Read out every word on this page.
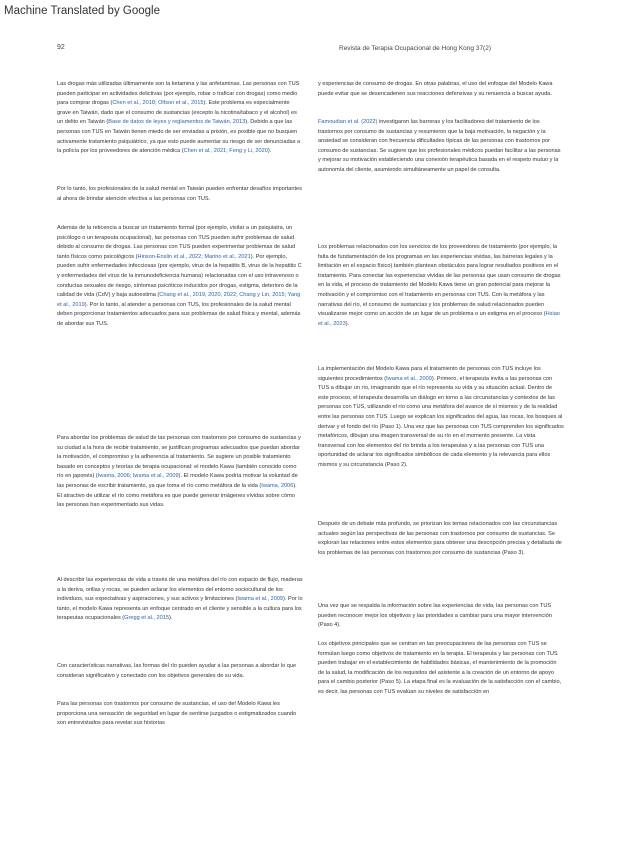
Machine Translated by Google
92	Revista de Terapia Ocupacional de Hong Kong 37(2)

Las drogas más utilizadas últimamente son la ketamina y las anfetaminas. Las personas con TUS pueden participar en actividades delictivas (por ejemplo, robar o traficar con drogas) como medio para comprar drogas (Chen et al., 2018; Olfson et al., 2015). Este problema es especialmente grave en Taiwán, dado que el consumo de sustancias (excepto la nicotina/tabaco y el alcohol) es un delito en Taiwán (Base de datos de leyes y reglamentos de Taiwán, 2013). Debido a que las personas con TUS en Taiwán tienen miedo de ser enviadas a prisión, es posible que no busquen activamente tratamiento psiquiátrico, ya que esto puede aumentar su riesgo de ser denunciadas a la policía por los proveedores de atención médica (Chen et al., 2021; Feng y Li, 2020).

Por lo tanto, los profesionales de la salud mental en Taiwán pueden enfrentar desafíos importantes al ahora de brindar atención efectiva a las personas con TUS.

Además de la reticencia a buscar un tratamiento formal (por ejemplo, visitar a un psiquiatra, un psicólogo o un terapeuta ocupacional), las personas con TUS pueden sufrir problemas de salud debido al consumo de drogas. Las personas con TUS pueden experimentar problemas de salud tanto físicos como psicológicos (Hinson-Enslin et al., 2022; Marino et al., 2021). Por ejemplo, pueden sufrir enfermedades infecciosas (por ejemplo, virus de la hepatitis B, virus de la hepatitis C y enfermedades del virus de la inmunodeficiencia humana) relacionadas con el uso intravenoso o conductas sexuales de riesgo, síntomas psicóticos inducidos por drogas, estigma, deterioro de la calidad de vida (CdV) y baja autoestima (Chang et al., 2019, 2020, 2022; Chang y Lin, 2015; Yang et al., 2019). Por lo tanto, al atender a personas con TUS, los profesionales de la salud mental deben proporcionar tratamientos adecuados para sus problemas de salud física y mental, además de abordar sus TUS.

Para abordar los problemas de salud de las personas con trastornos por consumo de sustancias y su ciudad a la hora de recibir tratamiento, se justifican programas adecuados que puedan abordar la motivación, el compromiso y la adherencia al tratamiento. Se sugiere un posible tratamiento basado en conceptos y teorías de terapia ocupacional: el modelo Kawa (también conocido como río en japonés) (Iwama, 2006; Iwama et al., 2009). El modelo Kawa podría motivar la voluntad de las personas de escribir tratamiento, ya que toma el río como metáfora de la vida (Iwama, 2006). El atractivo de utilizar el río como metáfora es que puede generar imágenes vívidas sobre cómo las personas han experimentado sus vidas.

Al describir las experiencias de vida a través de una metáfora del río con espacio de flujo, maderas a la deriva, orillas y rocas, se pueden aclarar los elementos del entorno sociocultural de los individuos, sus expectativas y aspiraciones, y sus activos y limitaciones (Iwama et al., 2009). Por lo tanto, el modelo Kawa representa un enfoque centrado en el cliente y sensible a la cultura para los terapeutas ocupacionales (Gregg et al., 2015).

Con características narrativas, las formas del río pueden ayudar a las personas a abordar lo que consideran significativo y conectado con los objetivos generales de su vida.

Para las personas con trastornos por consumo de sustancias, el uso del Modelo Kawa les proporciona una sensación de seguridad en lugar de sentirse juzgados o estigmatizados cuando son entrevistados para revelar sus historias

y experiencias de consumo de drogas. En otras palabras, el uso del enfoque del Modelo Kawa puede evitar que se desencadenen sus reacciones defensivas y su renuencia a buscar ayuda.

Famoudian et al. (2022) investigaron las barreras y los facilitadores del tratamiento de los trastornos por consumo de sustancias y resumieron que la baja motivación, la negación y la ansiedad se consideran con frecuencia dificultades típicas de las personas con trastornos por consumo de sustancias. Se sugiere que los profesionales médicos puedan facilitar a las personas y mejorar su motivación estableciendo una conexión terapéutica basada en el respeto mutuo y la autonomía del cliente, asumiendo simultáneamente un papel de consulta.

Los problemas relacionados con los servicios de los proveedores de tratamiento (por ejemplo, la falta de fundamentación de los programas en las experiencias vividas, las barreras legales y la limitación en el espacio físico) también plantean obstáculos para lograr resultados positivos en el tratamiento. Para conectar las experiencias vividas de las personas que usan consumo de drogas en la vida, el proceso de tratamiento del Modelo Kawa tiene un gran potencial para mejorar la motivación y el compromiso con el tratamiento en personas con TUS. Con la metáfora y las narrativas del río, el consumo de sustancias y los problemas de salud relacionados pueden visualizarse mejor como un acción de un lugar de un problema o un estigma en el proceso (Hsiao et al., 2023).

La implementación del Modelo Kawa para el tratamiento de personas con TUS incluye los siguientes procedimientos (Iwama et al., 2009). Primero, el terapeuta invita a las personas con TUS a dibujar un río, imaginando que el río representa su vida y su situación actual. Dentro de este proceso, el terapeuta desarrolla un diálogo en torno a las circunstancias y contextos de las personas con TUS, utilizando el río como una metáfora del avance de sí mismos y de la realidad entre las personas con TUS. Luego se explican los significados del agua, las rocas, los bosques al derivar y el fondo del río (Paso 1). Una vez que las personas con TUS comprenden los significados metafóricos, dibujan una imagen transversal de su río en el momento presente. La vista transversal con los elementos del río brinda a los terapeutas y a las personas con TUS una oportunidad de aclarar los significados simbólicos de cada elemento y la relevancia para ellos mismos y su circunstancia (Paso 2).

Después de un debate más profundo, se priorizan los temas relacionados con las circunstancias actuales según las perspectivas de las personas con trastornos por consumo de sustancias. Se exploran las relaciones entre estos elementos para obtener una descripción precisa y detallada de los problemas de las personas con trastornos por consumo de sustancias (Paso 3).

Una vez que se respalda la información sobre las experiencias de vida, las personas con TUS pueden reconocer mejor los objetivos y las prioridades a cambiar para una mayor intervención (Paso 4).

Los objetivos principales que se centran en las preocupaciones de las personas con TUS se formulan luego como objetivos de tratamiento en la terapia. El terapeuta y las personas con TUS pueden trabajar en el establecimiento de habilidades básicas, el mantenimiento de la promoción de la salud, la modificación de los requisitos del asistente a la creación de un entorno de apoyo para el cambio posterior (Paso 5). La etapa final es la evaluación de la satisfacción con el cambio, es decir, las personas con TUS evalúan su niveles de satisfacción en
